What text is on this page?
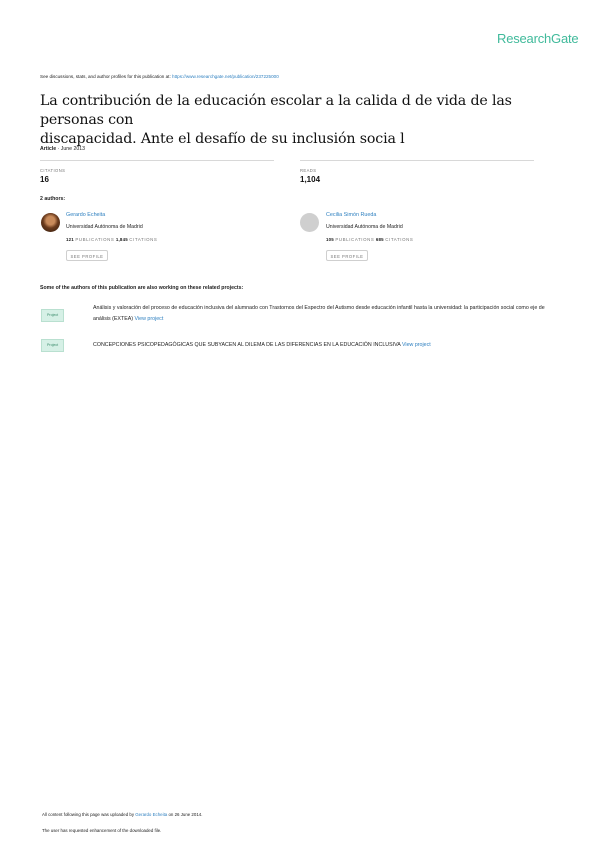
ResearchGate
See discussions, stats, and author profiles for this publication at: https://www.researchgate.net/publication/237225000
La contribución de la educación escolar a la calida d de vida de las personas con
discapacidad. Ante el desafío de su inclusión socia l
Article · June 2013
CITATIONS
16
READS
1,104
2 authors:
Gerardo Echeita
Universidad Autónoma de Madrid
121 PUBLICATIONS 1,845 CITATIONS
SEE PROFILE
Cecilia Simón Rueda
Universidad Autónoma de Madrid
105 PUBLICATIONS 685 CITATIONS
SEE PROFILE
Some of the authors of this publication are also working on these related projects:
Project
Análisis y valoración del proceso de educación inclusiva del alumnado con Trastornos del Espectro del Autismo desde educación infantil hasta la universidad: la participación social como eje de análisis (EXTEA) View project
Project	CONCEPCIONES PSICOPEDAGÓGICAS QUE SUBYACEN AL DILEMA DE LAS DIFERENCIAS EN LA EDUCACIÓN INCLUSIVA View project
All content following this page was uploaded by Gerardo Echeita on 26 June 2014.
The user has requested enhancement of the downloaded file.
